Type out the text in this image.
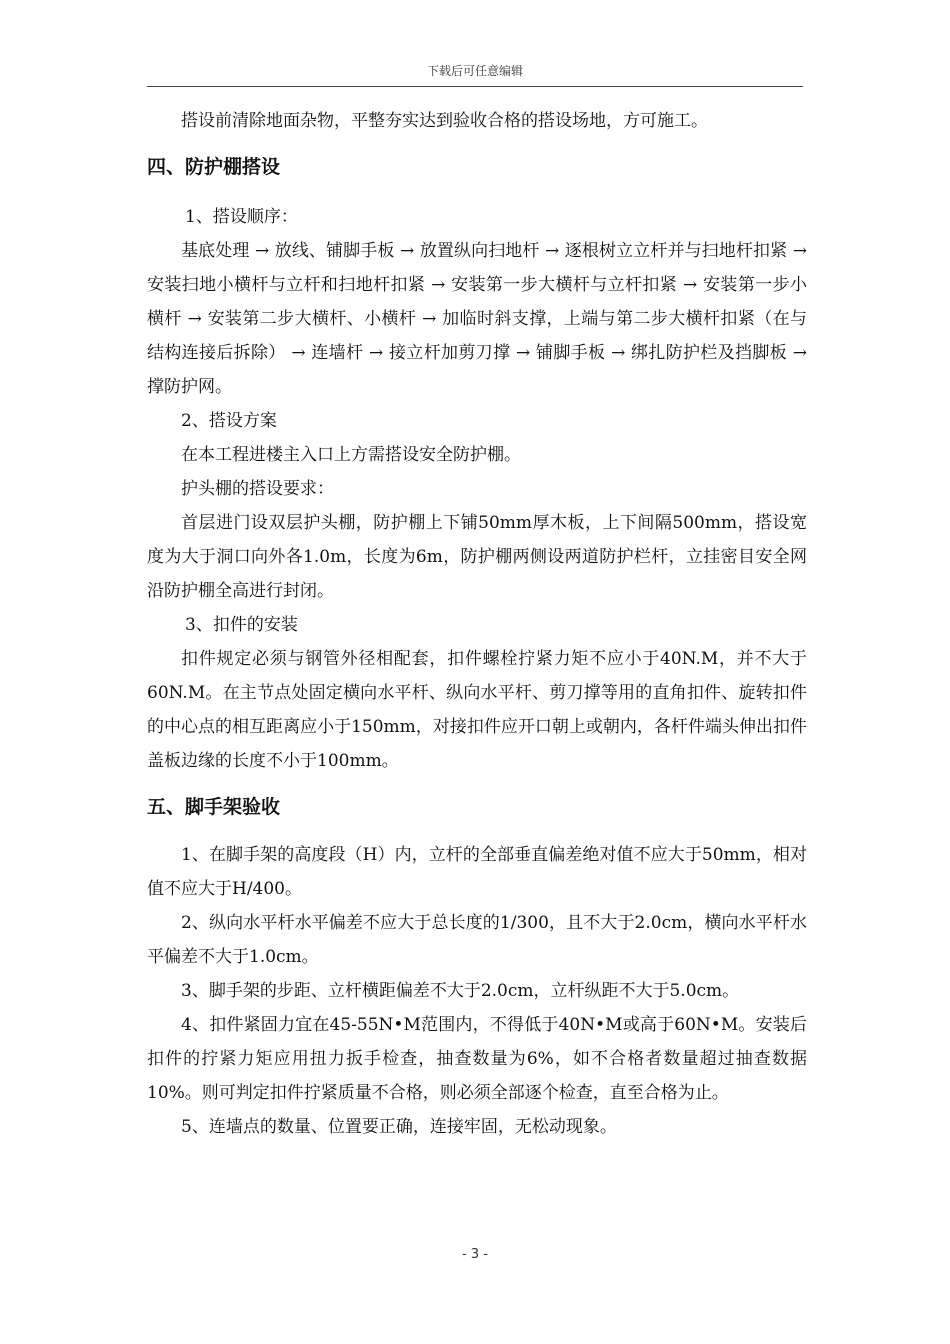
下载后可任意编辑

搭设前清除地面杂物，平整夯实达到验收合格的搭设场地，方可施工。

四、防护棚搭设

1、搭设顺序：

基底处理 → 放线、铺脚手板 → 放置纵向扫地杆 → 逐根树立立杆并与扫地杆扣紧 → 安装扫地小横杆与立杆和扫地杆扣紧 → 安装第一步大横杆与立杆扣紧 → 安装第一步小横杆 → 安装第二步大横杆、小横杆 → 加临时斜支撑，上端与第二步大横杆扣紧（在与结构连接后拆除） → 连墙杆 → 接立杆加剪刀撑 → 铺脚手板 → 绑扎防护栏及挡脚板 → 撑防护网。

2、搭设方案

在本工程进楼主入口上方需搭设安全防护棚。

护头棚的搭设要求：

首层进门设双层护头棚，防护棚上下铺50mm厚木板，上下间隔500mm，搭设宽度为大于洞口向外各1.0m，长度为6m，防护棚两侧设两道防护栏杆，立挂密目安全网沿防护棚全高进行封闭。

3、扣件的安装

扣件规定必须与钢管外径相配套，扣件螺栓拧紧力矩不应小于40N.M，并不大于60N.M。在主节点处固定横向水平杆、纵向水平杆、剪刀撑等用的直角扣件、旋转扣件的中心点的相互距离应小于150mm，对接扣件应开口朝上或朝内，各杆件端头伸出扣件盖板边缘的长度不小于100mm。

五、脚手架验收

1、在脚手架的高度段（H）内，立杆的全部垂直偏差绝对值不应大于50mm，相对值不应大于H/400。

2、纵向水平杆水平偏差不应大于总长度的1/300，且不大于2.0cm，横向水平杆水平偏差不大于1.0cm。

3、脚手架的步距、立杆横距偏差不大于2.0cm，立杆纵距不大于5.0cm。

4、扣件紧固力宜在45-55N•M范围内，不得低于40N•M或高于60N•M。安装后扣件的拧紧力矩应用扭力扳手检查，抽查数量为6%，如不合格者数量超过抽查数据10%。则可判定扣件拧紧质量不合格，则必须全部逐个检查，直至合格为止。

5、连墙点的数量、位置要正确，连接牢固，无松动现象。

- 3 -
